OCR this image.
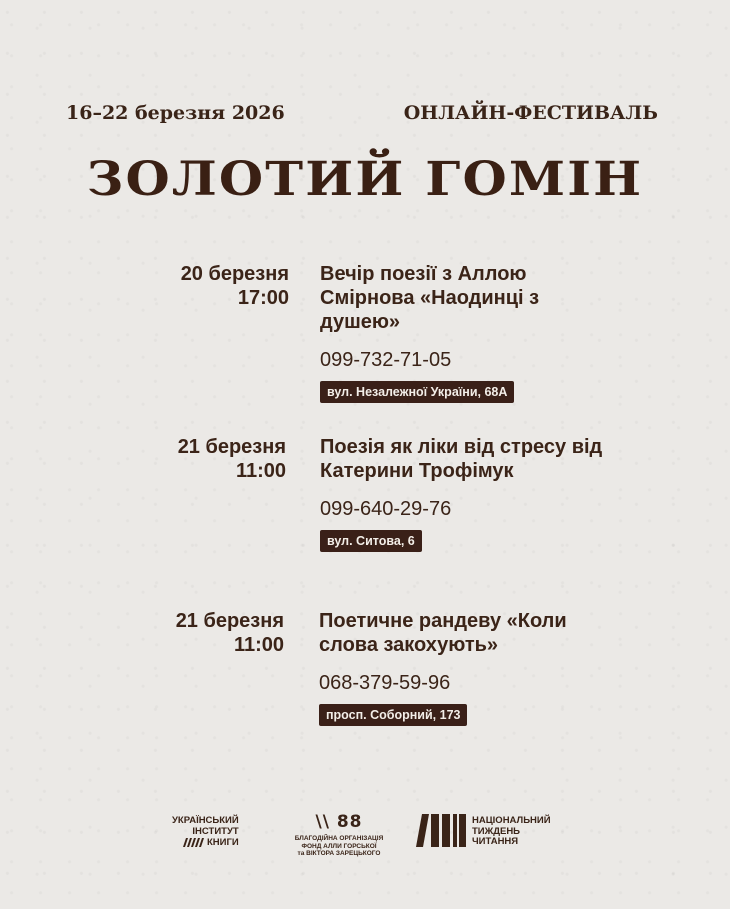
16–22 березня 2026	ОНЛАЙН-ФЕСТИВАЛЬ
ЗОЛОТИЙ ГОМІН
20 березня
17:00
Вечір поезії з Аллою Смірнова «Наодинці з душею»
099-732-71-05
вул. Незалежної України, 68А
21 березня
11:00
Поезія як ліки від стресу від Катерини Трофімук
099-640-29-76
вул. Ситова, 6
21 березня
11:00
Поетичне рандеву «Коли слова закохують»
068-379-59-96
просп. Соборний, 173
УКРАЇНСЬКИЙ
ІНСТИТУТ
КНИГИ
\\ 88
БЛАГОДІЙНА ОРГАНІЗАЦІЯ
ФОНД АЛЛИ ГОРСЬКОЇ
та ВІКТОРА ЗАРЕЦЬКОГО
НАЦІОНАЛЬНИЙ
ТИЖДЕНЬ
ЧИТАННЯ
